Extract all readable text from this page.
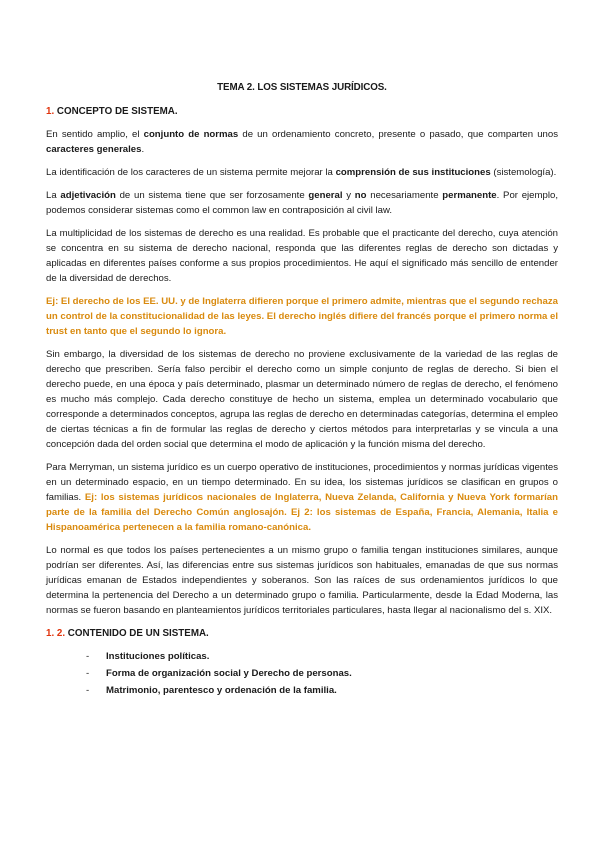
TEMA 2. LOS SISTEMAS JURÍDICOS.
1. CONCEPTO DE SISTEMA.

En sentido amplio, el conjunto de normas de un ordenamiento concreto, presente o pasado, que comparten unos caracteres generales.

La identificación de los caracteres de un sistema permite mejorar la comprensión de sus instituciones (sistemología).

La adjetivación de un sistema tiene que ser forzosamente general y no necesariamente permanente. Por ejemplo, podemos considerar sistemas como el common law en contraposición al civil law.

La multiplicidad de los sistemas de derecho es una realidad. Es probable que el practicante del derecho, cuya atención se concentra en su sistema de derecho nacional, responda que las diferentes reglas de derecho son dictadas y aplicadas en diferentes países conforme a sus propios procedimientos. He aquí el significado más sencillo de entender de la diversidad de derechos.

Ej: El derecho de los EE. UU. y de Inglaterra difieren porque el primero admite, mientras que el segundo rechaza un control de la constitucionalidad de las leyes. El derecho inglés difiere del francés porque el primero norma el trust en tanto que el segundo lo ignora.

Sin embargo, la diversidad de los sistemas de derecho no proviene exclusivamente de la variedad de las reglas de derecho que prescriben. Sería falso percibir el derecho como un simple conjunto de reglas de derecho. Si bien el derecho puede, en una época y país determinado, plasmar un determinado número de reglas de derecho, el fenómeno es mucho más complejo. Cada derecho constituye de hecho un sistema, emplea un determinado vocabulario que corresponde a determinados conceptos, agrupa las reglas de derecho en determinadas categorías, determina el empleo de ciertas técnicas a fin de formular las reglas de derecho y ciertos métodos para interpretarlas y se vincula a una concepción dada del orden social que determina el modo de aplicación y la función misma del derecho.

Para Merryman, un sistema jurídico es un cuerpo operativo de instituciones, procedimientos y normas jurídicas vigentes en un determinado espacio, en un tiempo determinado. En su idea, los sistemas jurídicos se clasifican en grupos o familias. Ej: los sistemas jurídicos nacionales de Inglaterra, Nueva Zelanda, California y Nueva York formarían parte de la familia del Derecho Común anglosajón. Ej 2: los sistemas de España, Francia, Alemania, Italia e Hispanoamérica pertenecen a la familia romano-canónica.

Lo normal es que todos los países pertenecientes a un mismo grupo o familia tengan instituciones similares, aunque podrían ser diferentes. Así, las diferencias entre sus sistemas jurídicos son habituales, emanadas de que sus normas jurídicas emanan de Estados independientes y soberanos. Son las raíces de sus ordenamientos jurídicos lo que determina la pertenencia del Derecho a un determinado grupo o familia. Particularmente, desde la Edad Moderna, las normas se fueron basando en planteamientos jurídicos territoriales particulares, hasta llegar al nacionalismo del s. XIX.

1. 2. CONTENIDO DE UN SISTEMA.
-	Instituciones políticas.
-	Forma de organización social y Derecho de personas.
-	Matrimonio, parentesco y ordenación de la familia.
